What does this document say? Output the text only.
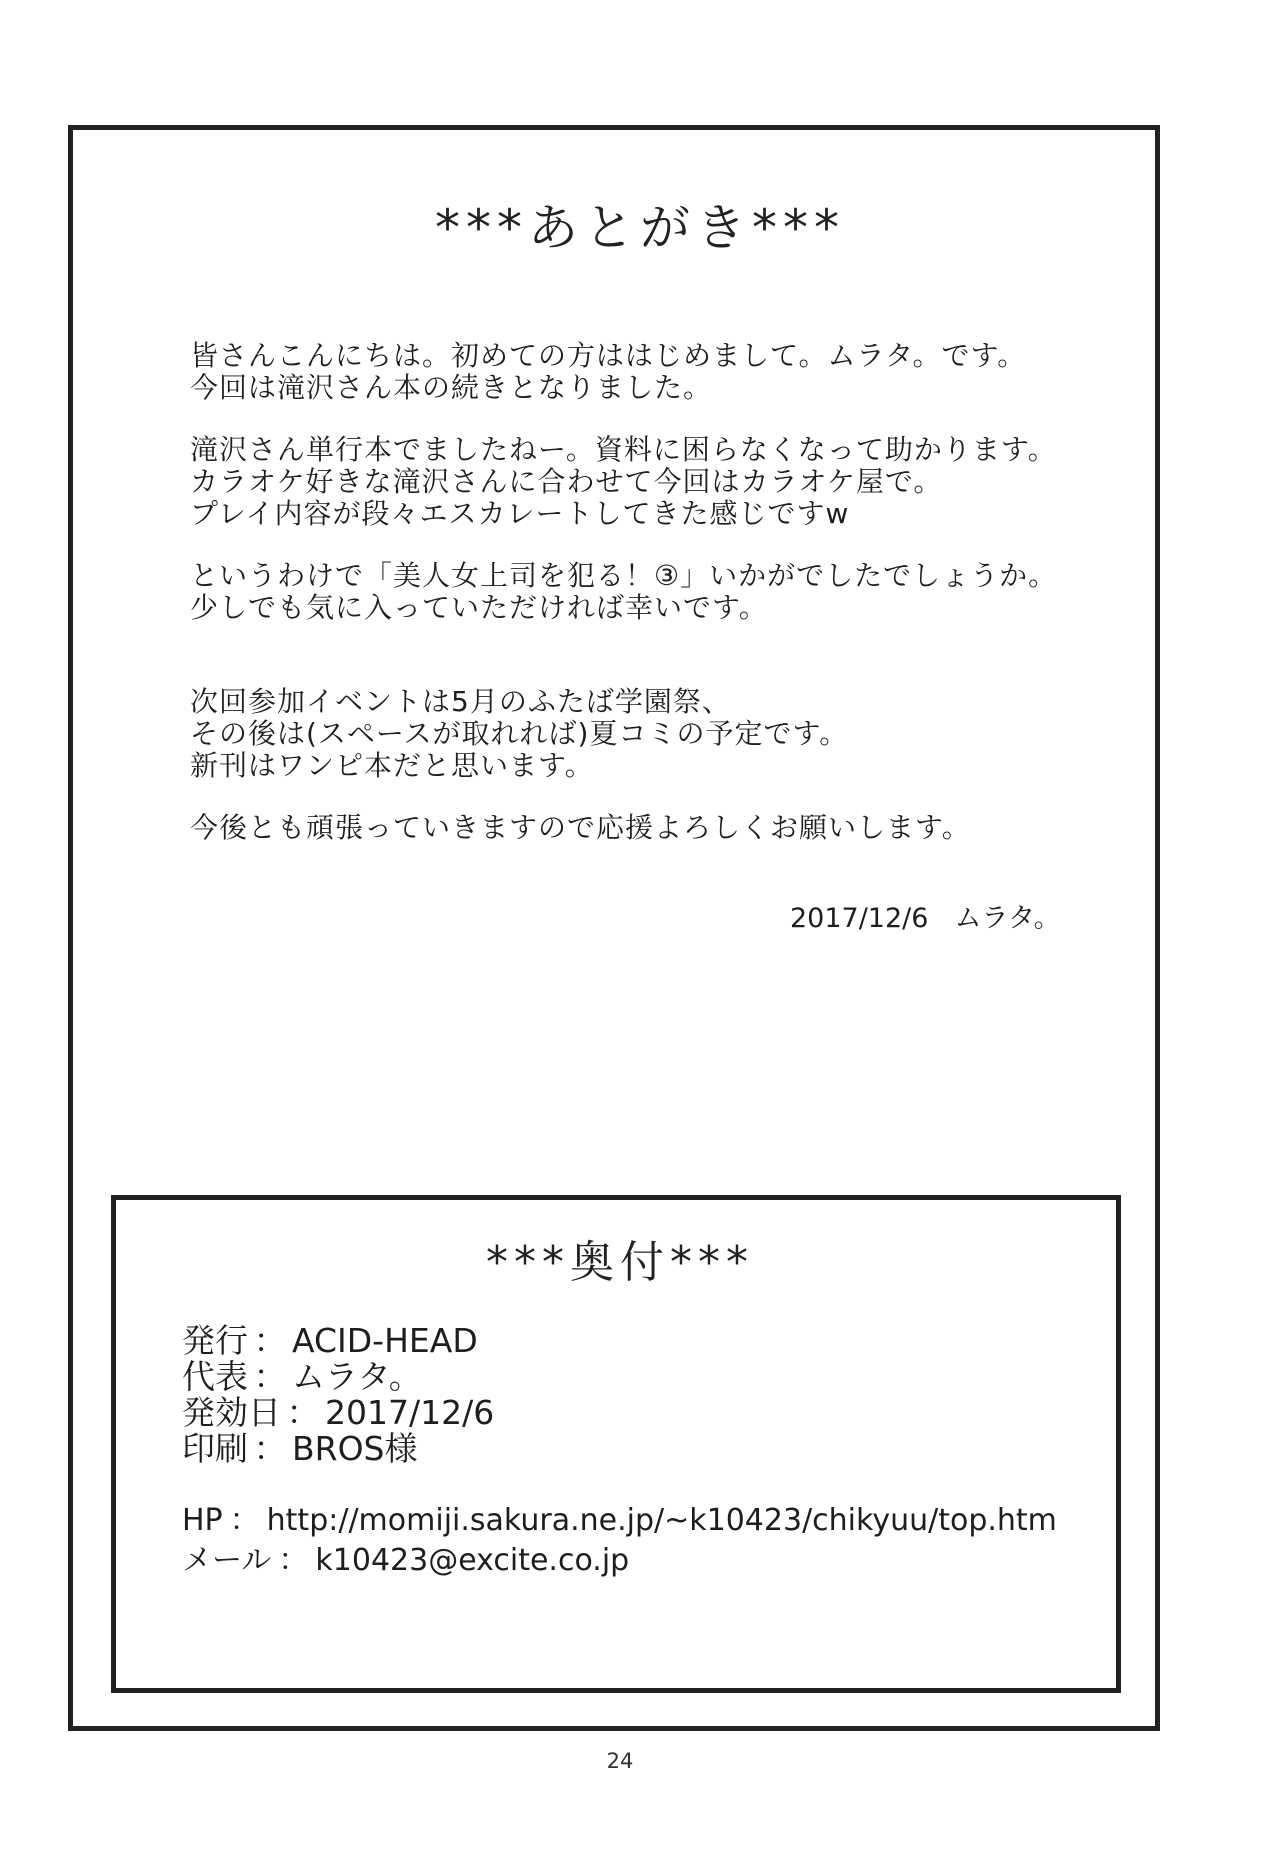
***あとがき***
皆さんこんにちは。初めての方ははじめまして。ムラタ。です。
今回は滝沢さん本の続きとなりました。
滝沢さん単行本でましたねー。資料に困らなくなって助かります。
カラオケ好きな滝沢さんに合わせて今回はカラオケ屋で。
プレイ内容が段々エスカレートしてきた感じですw
というわけで「美人女上司を犯る！③」いかがでしたでしょうか。
少しでも気に入っていただければ幸いです。
次回参加イベントは5月のふたば学園祭、
その後は(スペースが取れれば)夏コミの予定です。
新刊はワンピ本だと思います。
今後とも頑張っていきますので応援よろしくお願いします。
2017/12/6 ムラタ。
***奥付***
発行 ： ACID-HEAD
代表 ： ムラタ。
発効日 ： 2017/12/6
印刷 ： BROS様
HP ： http://momiji.sakura.ne.jp/~k10423/chikyuu/top.htm
メール ： k10423@excite.co.jp
24
